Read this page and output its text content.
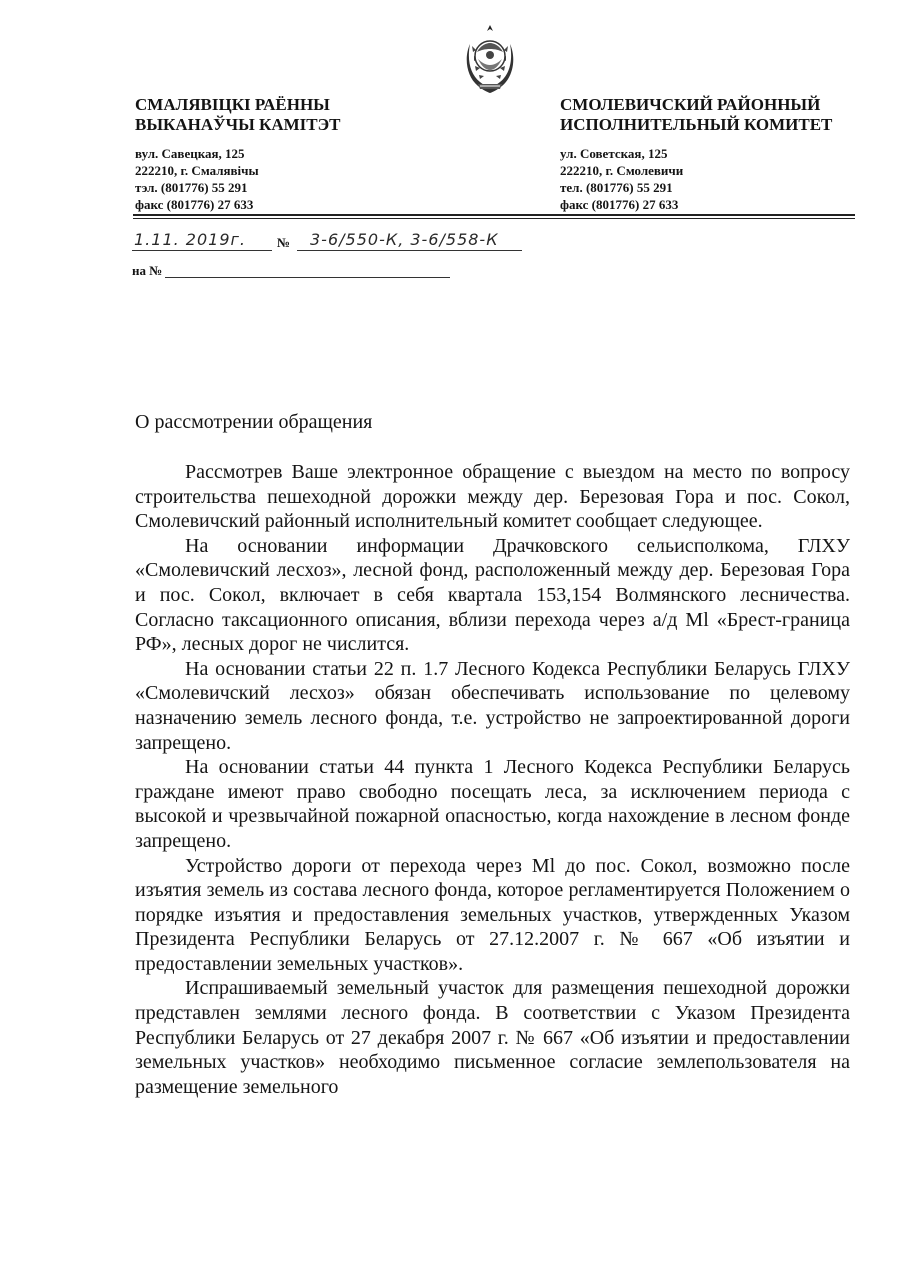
СМАЛЯВІЦКІ РАЁННЫ
ВЫКАНАЎЧЫ КАМІТЭТ
СМОЛЕВИЧСКИЙ РАЙОННЫЙ
ИСПОЛНИТЕЛЬНЫЙ КОМИТЕТ
вул. Савецкая, 125
222210, г. Смалявічы
тэл. (801776) 55 291
факс (801776) 27 633
ул. Советская, 125
222210, г. Смолевичи
тел. (801776) 55 291
факс (801776) 27 633
1.11. 2019г. № 3-6/550-К, 3-6/558-К
на №
О рассмотрении обращения

Рассмотрев Ваше электронное обращение с выездом на место по вопросу строительства пешеходной дорожки между дер. Березовая Гора и пос. Сокол, Смолевичский районный исполнительный комитет сообщает следующее.

На основании информации Драчковского сельисполкома, ГЛХУ «Смолевичский лесхоз», лесной фонд, расположенный между дер. Березовая Гора и пос. Сокол, включает в себя квартала 153,154 Волмянского лесничества. Согласно таксационного описания, вблизи перехода через а/д Ml «Брест-граница РФ», лесных дорог не числится.

На основании статьи 22 п. 1.7 Лесного Кодекса Республики Беларусь ГЛХУ «Смолевичский лесхоз» обязан обеспечивать использование по целевому назначению земель лесного фонда, т.е. устройство не запроектированной дороги запрещено.

На основании статьи 44 пункта 1 Лесного Кодекса Республики Беларусь граждане имеют право свободно посещать леса, за исключением периода с высокой и чрезвычайной пожарной опасностью, когда нахождение в лесном фонде запрещено.

Устройство дороги от перехода через Ml до пос. Сокол, возможно после изъятия земель из состава лесного фонда, которое регламентируется Положением о порядке изъятия и предоставления земельных участков, утвержденных Указом Президента Республики Беларусь от 27.12.2007 г. № 667 «Об изъятии и предоставлении земельных участков».

Испрашиваемый земельный участок для размещения пешеходной дорожки представлен землями лесного фонда. В соответствии с Указом Президента Республики Беларусь от 27 декабря 2007 г. № 667 «Об изъятии и предоставлении земельных участков» необходимо письменное согласие землепользователя на размещение земельного
